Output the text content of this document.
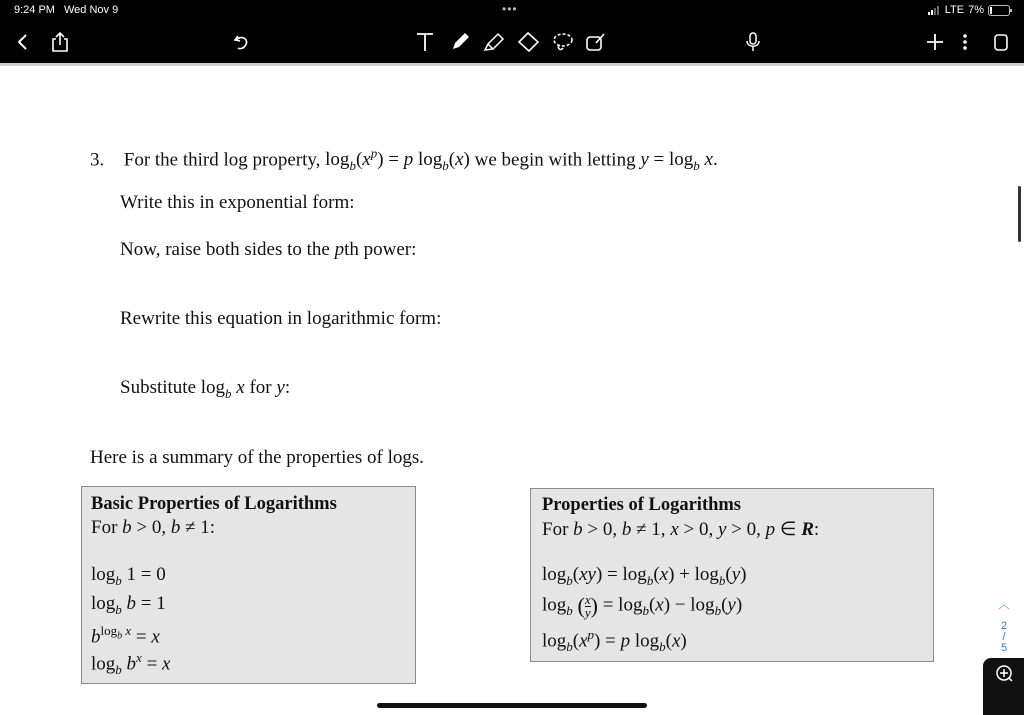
9:24 PM Wed Nov 9	•••	LTE 7%
3. For the third log property, $\log_b(x^p) = p$ $\log_b(x)$ we begin with letting $y = \log_b x$.
Write this in exponential form:
Now, raise both sides to the pth power:
Rewrite this equation in logarithmic form:
Substitute $\log_b x$ for y:
Here is a summary of the properties of logs.
Basic Properties of Logarithms
For b > 0, b ≠ 1:
$\log_b 1 = 0$
$\log_b b = 1$
$b^{log_b x} = x$
$\log_b b^x = x$
Properties of Logarithms
For b > 0, b ≠ 1, x > 0, y > 0, p ∈ R:
$\log_b(xy) = \log_b(x) + \log_b(y)$
$\log_b$ ( $\frac{x}{y}$ ) = $\log_b(x) - \log_b(y)$
$\log_b(x^p) = p$ $\log_b(x)$
︿
2
/
5
